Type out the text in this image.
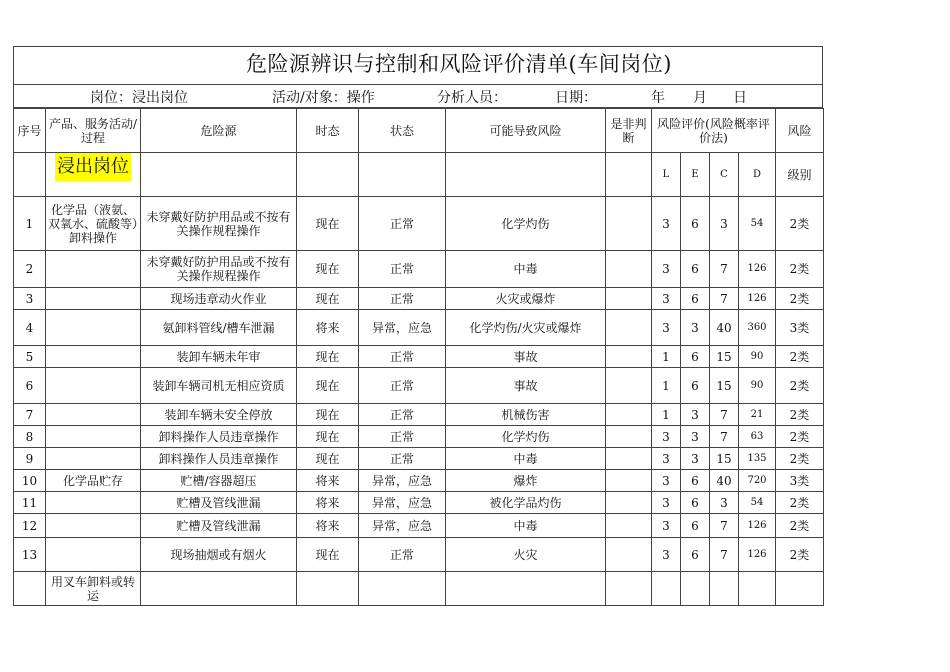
危险源辨识与控制和风险评价清单(车间岗位)
岗位：浸出岗位	活动/对象：操作	分析人员：	日期：	年 月 日
序号	产品、服务活动/过程	危险源	时态	状态	可能导致风险	是非判断	风险评价(风险概率评价法)				风险
	浸出岗位						L	E	C	D	级别
1	化学品（液氨、双氧水、硫酸等）卸料操作	未穿戴好防护用品或不按有关操作规程操作	现在	正常	化学灼伤		3	6	3	54	2类
2		未穿戴好防护用品或不按有关操作规程操作	现在	正常	中毒		3	6	7	126	2类
3		现场违章动火作业	现在	正常	火灾或爆炸		3	6	7	126	2类
4		氨卸料管线/槽车泄漏	将来	异常，应急	化学灼伤/火灾或爆炸		3	3	40	360	3类
5		装卸车辆未年审	现在	正常	事故		1	6	15	90	2类
6		装卸车辆司机无相应资质	现在	正常	事故		1	6	15	90	2类
7		装卸车辆未安全停放	现在	正常	机械伤害		1	3	7	21	2类
8		卸料操作人员违章操作	现在	正常	化学灼伤		3	3	7	63	2类
9		卸料操作人员违章操作	现在	正常	中毒		3	3	15	135	2类
10	化学品贮存	贮槽/容器超压	将来	异常，应急	爆炸		3	6	40	720	3类
11		贮槽及管线泄漏	将来	异常，应急	被化学品灼伤		3	6	3	54	2类
12		贮槽及管线泄漏	将来	异常，应急	中毒		3	6	7	126	2类
13		现场抽烟或有烟火	现在	正常	火灾		3	6	7	126	2类
	用叉车卸料或转运										
